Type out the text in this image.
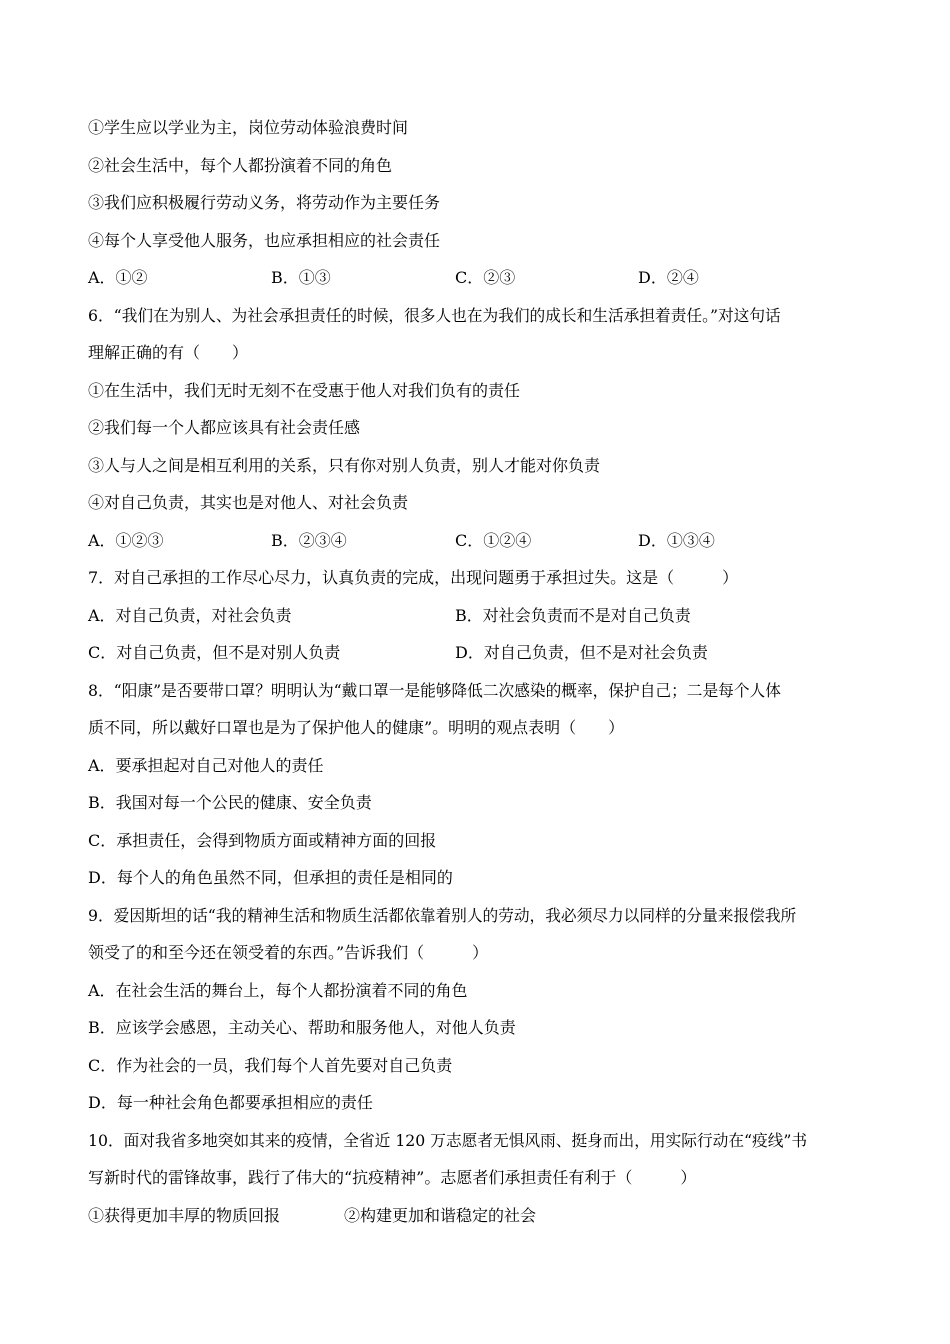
①学生应以学业为主，岗位劳动体验浪费时间
②社会生活中，每个人都扮演着不同的角色
③我们应积极履行劳动义务，将劳动作为主要任务
④每个人享受他人服务，也应承担相应的社会责任
A．①②	B．①③	C．②③	D．②④
6．“我们在为别人、为社会承担责任的时候，很多人也在为我们的成长和生活承担着责任。”对这句话
理解正确的有（　　）
①在生活中，我们无时无刻不在受惠于他人对我们负有的责任
②我们每一个人都应该具有社会责任感
③人与人之间是相互利用的关系，只有你对别人负责，别人才能对你负责
④对自己负责，其实也是对他人、对社会负责
A．①②③	B．②③④	C．①②④	D．①③④
7．对自己承担的工作尽心尽力，认真负责的完成，出现问题勇于承担过失。这是（　　　）
A．对自己负责，对社会负责	B．对社会负责而不是对自己负责
C．对自己负责，但不是对别人负责	D．对自己负责，但不是对社会负责
8．“阳康”是否要带口罩？明明认为“戴口罩一是能够降低二次感染的概率，保护自己；二是每个人体
质不同，所以戴好口罩也是为了保护他人的健康”。明明的观点表明（　　）
A．要承担起对自己对他人的责任
B．我国对每一个公民的健康、安全负责
C．承担责任，会得到物质方面或精神方面的回报
D．每个人的角色虽然不同，但承担的责任是相同的
9．爱因斯坦的话“我的精神生活和物质生活都依靠着别人的劳动，我必须尽力以同样的分量来报偿我所
领受了的和至今还在领受着的东西。”告诉我们（　　　）
A．在社会生活的舞台上，每个人都扮演着不同的角色
B．应该学会感恩，主动关心、帮助和服务他人，对他人负责
C．作为社会的一员，我们每个人首先要对自己负责
D．每一种社会角色都要承担相应的责任
10．面对我省多地突如其来的疫情，全省近 120 万志愿者无惧风雨、挺身而出，用实际行动在“疫线”书
写新时代的雷锋故事，践行了伟大的“抗疫精神”。志愿者们承担责任有利于（　　　）
①获得更加丰厚的物质回报	②构建更加和谐稳定的社会
